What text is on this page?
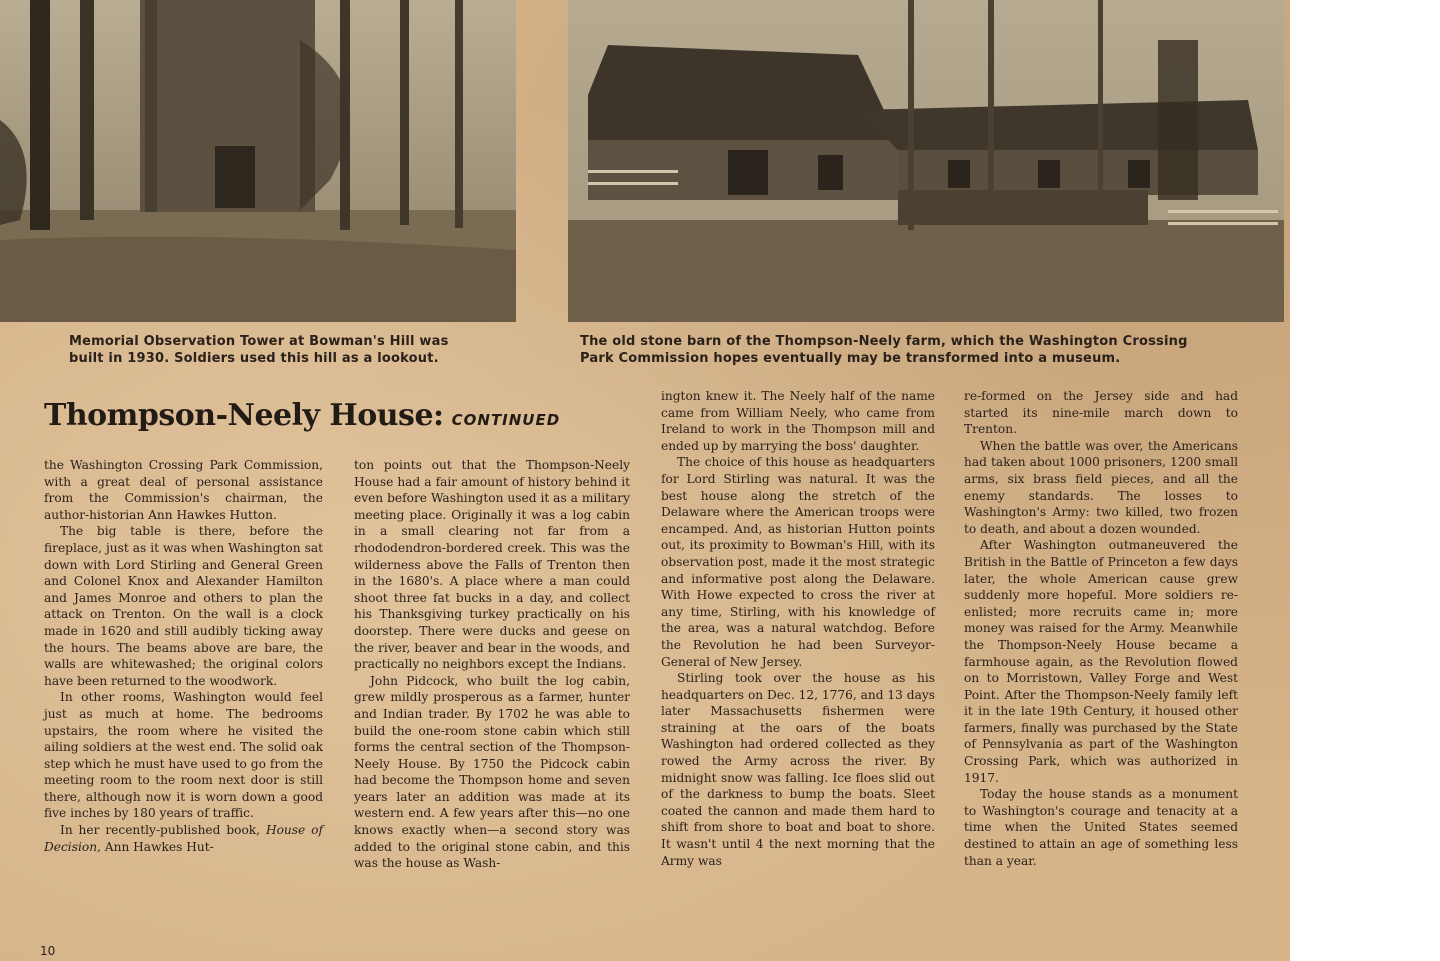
Memorial Observation Tower at Bowman's Hill was
built in 1930. Soldiers used this hill as a lookout.
The old stone barn of the Thompson-Neely farm, which the Washington Crossing
Park Commission hopes eventually may be transformed into a museum.
Thompson-Neely House: CONTINUED

the Washington Crossing Park Commission, with a great deal of personal assistance from the Commission's chairman, the author-historian Ann Hawkes Hutton.

The big table is there, before the fireplace, just as it was when Washington sat down with Lord Stirling and General Green and Colonel Knox and Alexander Hamilton and James Monroe and others to plan the attack on Trenton. On the wall is a clock made in 1620 and still audibly ticking away the hours. The beams above are bare, the walls are whitewashed; the original colors have been returned to the woodwork.

In other rooms, Washington would feel just as much at home. The bedrooms upstairs, the room where he visited the ailing soldiers at the west end. The solid oak step which he must have used to go from the meeting room to the room next door is still there, although now it is worn down a good five inches by 180 years of traffic.

In her recently-published book, House of Decision, Ann Hawkes Hut-

ton points out that the Thompson-Neely House had a fair amount of history behind it even before Washington used it as a military meeting place. Originally it was a log cabin in a small clearing not far from a rhododendron-bordered creek. This was the wilderness above the Falls of Trenton then in the 1680's. A place where a man could shoot three fat bucks in a day, and collect his Thanksgiving turkey practically on his doorstep. There were ducks and geese on the river, beaver and bear in the woods, and practically no neighbors except the Indians.

John Pidcock, who built the log cabin, grew mildly prosperous as a farmer, hunter and Indian trader. By 1702 he was able to build the one-room stone cabin which still forms the central section of the Thompson-Neely House. By 1750 the Pidcock cabin had become the Thompson home and seven years later an addition was made at its western end. A few years after this—no one knows exactly when—a second story was added to the original stone cabin, and this was the house as Wash-

ington knew it. The Neely half of the name came from William Neely, who came from Ireland to work in the Thompson mill and ended up by marrying the boss' daughter.

The choice of this house as headquarters for Lord Stirling was natural. It was the best house along the stretch of the Delaware where the American troops were encamped. And, as historian Hutton points out, its proximity to Bowman's Hill, with its observation post, made it the most strategic and informative post along the Delaware. With Howe expected to cross the river at any time, Stirling, with his knowledge of the area, was a natural watchdog. Before the Revolution he had been Surveyor-General of New Jersey.

Stirling took over the house as his headquarters on Dec. 12, 1776, and 13 days later Massachusetts fishermen were straining at the oars of the boats Washington had ordered collected as they rowed the Army across the river. By midnight snow was falling. Ice floes slid out of the darkness to bump the boats. Sleet coated the cannon and made them hard to shift from shore to boat and boat to shore. It wasn't until 4 the next morning that the Army was

re-formed on the Jersey side and had started its nine-mile march down to Trenton.

When the battle was over, the Americans had taken about 1000 prisoners, 1200 small arms, six brass field pieces, and all the enemy standards. The losses to Washington's Army: two killed, two frozen to death, and about a dozen wounded.

After Washington outmaneuvered the British in the Battle of Princeton a few days later, the whole American cause grew suddenly more hopeful. More soldiers re-enlisted; more recruits came in; more money was raised for the Army. Meanwhile the Thompson-Neely House became a farmhouse again, as the Revolution flowed on to Morristown, Valley Forge and West Point. After the Thompson-Neely family left it in the late 19th Century, it housed other farmers, finally was purchased by the State of Pennsylvania as part of the Washington Crossing Park, which was authorized in 1917.

Today the house stands as a monument to Washington's courage and tenacity at a time when the United States seemed destined to attain an age of something less than a year.

10
